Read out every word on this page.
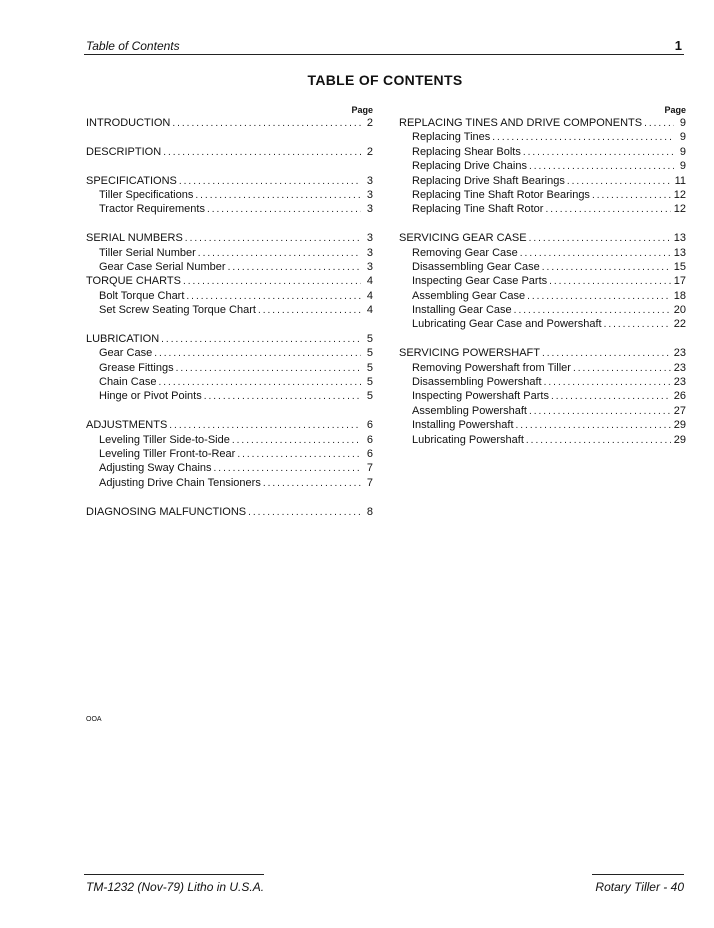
Table of Contents	1
TABLE OF CONTENTS
Page
INTRODUCTION .....	2
DESCRIPTION .....	2
SPECIFICATIONS .....	3
Tiller Specifications .....	3
Tractor Requirements .....	3
SERIAL NUMBERS .....	3
Tiller Serial Number .....	3
Gear Case Serial Number .....	3
TORQUE CHARTS .....	4
Bolt Torque Chart .....	4
Set Screw Seating Torque Chart .....	4
LUBRICATION .....	5
Gear Case .....	5
Grease Fittings .....	5
Chain Case .....	5
Hinge or Pivot Points .....	5
ADJUSTMENTS .....	6
Leveling Tiller Side-to-Side .....	6
Leveling Tiller Front-to-Rear .....	6
Adjusting Sway Chains .....	7
Adjusting Drive Chain Tensioners .....	7
DIAGNOSING MALFUNCTIONS .....	8
Page
REPLACING TINES AND DRIVE COMPONENTS .....	9
Replacing Tines .....	9
Replacing Shear Bolts .....	9
Replacing Drive Chains .....	9
Replacing Drive Shaft Bearings .....	11
Replacing Tine Shaft Rotor Bearings .....	12
Replacing Tine Shaft Rotor .....	12
SERVICING GEAR CASE .....	13
Removing Gear Case .....	13
Disassembling Gear Case .....	15
Inspecting Gear Case Parts .....	17
Assembling Gear Case .....	18
Installing Gear Case .....	20
Lubricating Gear Case and Powershaft .....	22
SERVICING POWERSHAFT .....	23
Removing Powershaft from Tiller .....	23
Disassembling Powershaft .....	23
Inspecting Powershaft Parts .....	26
Assembling Powershaft .....	27
Installing Powershaft .....	29
Lubricating Powershaft .....	29
OOA
TM-1232 (Nov-79) Litho in U.S.A.	Rotary Tiller - 40
